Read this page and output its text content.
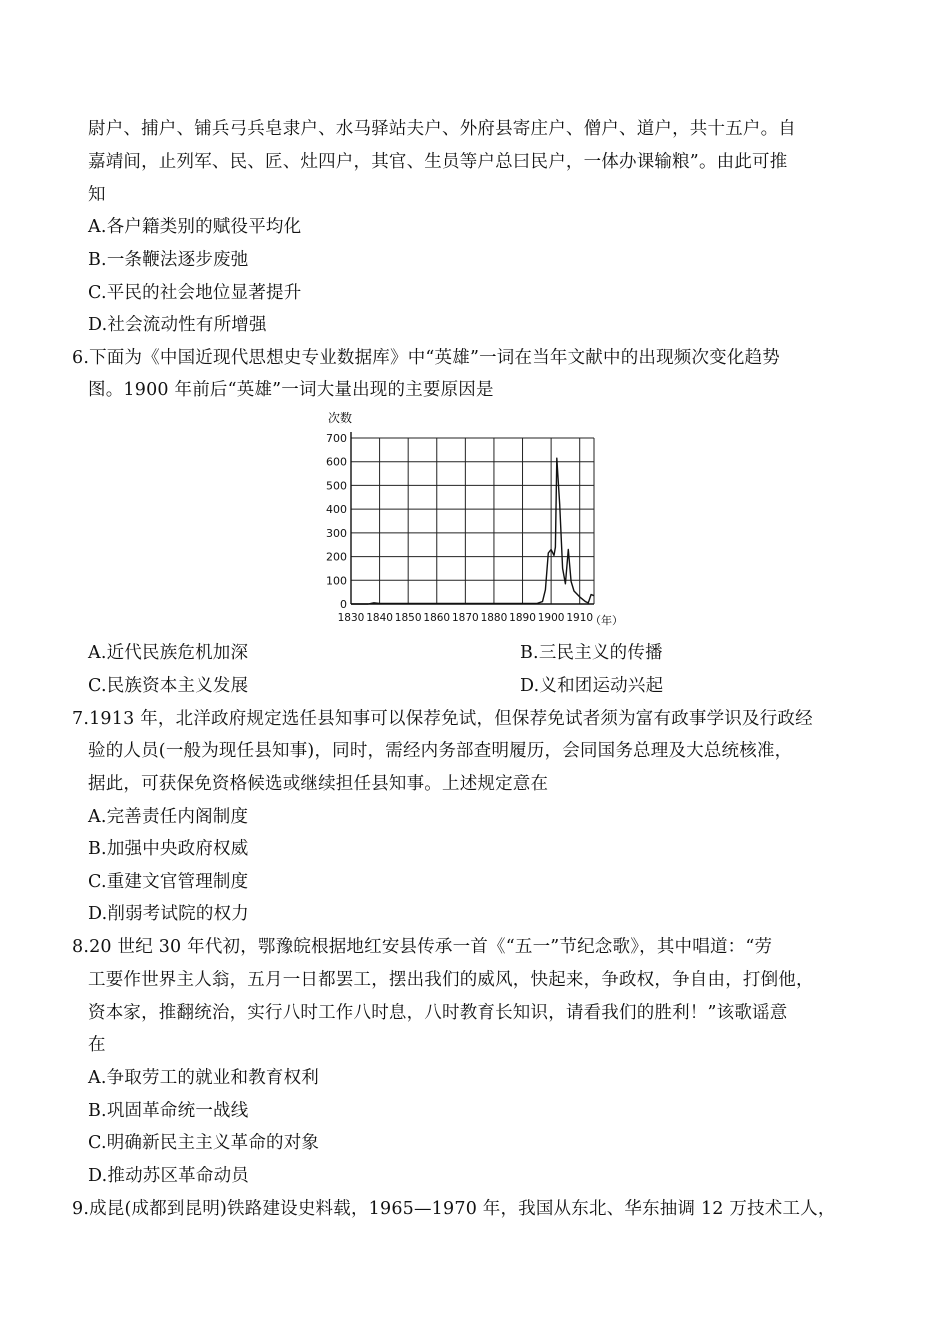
尉户、捕户、铺兵弓兵皂隶户、水马驿站夫户、外府县寄庄户、僧户、道户，共十五户。自
嘉靖间，止列军、民、匠、灶四户，其官、生员等户总曰民户，一体办课输粮”。由此可推
知
A.各户籍类别的赋役平均化
B.一条鞭法逐步废弛
C.平民的社会地位显著提升
D.社会流动性有所增强
6.下面为《中国近现代思想史专业数据库》中“英雄”一词在当年文献中的出现频次变化趋势
图。1900 年前后“英雄”一词大量出现的主要原因是
0
100
200
300
400
500
600
700
1830 1840 1850 1860 1870 1880 1890 1900 1910
次数
（年）
A.近代民族危机加深	B.三民主义的传播
C.民族资本主义发展	D.义和团运动兴起
7.1913 年，北洋政府规定选任县知事可以保荐免试，但保荐免试者须为富有政事学识及行政经
验的人员(一般为现任县知事)，同时，需经内务部查明履历，会同国务总理及大总统核准，
据此，可获保免资格候选或继续担任县知事。上述规定意在
A.完善责任内阁制度
B.加强中央政府权威
C.重建文官管理制度
D.削弱考试院的权力
8.20 世纪 30 年代初，鄂豫皖根据地红安县传承一首《“五一”节纪念歌》，其中唱道：“劳
工要作世界主人翁，五月一日都罢工，摆出我们的威风，快起来，争政权，争自由，打倒他，
资本家，推翻统治，实行八时工作八时息，八时教育长知识，请看我们的胜利！”该歌谣意
在
A.争取劳工的就业和教育权利
B.巩固革命统一战线
C.明确新民主主义革命的对象
D.推动苏区革命动员
9.成昆(成都到昆明)铁路建设史料载，1965—1970 年，我国从东北、华东抽调 12 万技术工人，
